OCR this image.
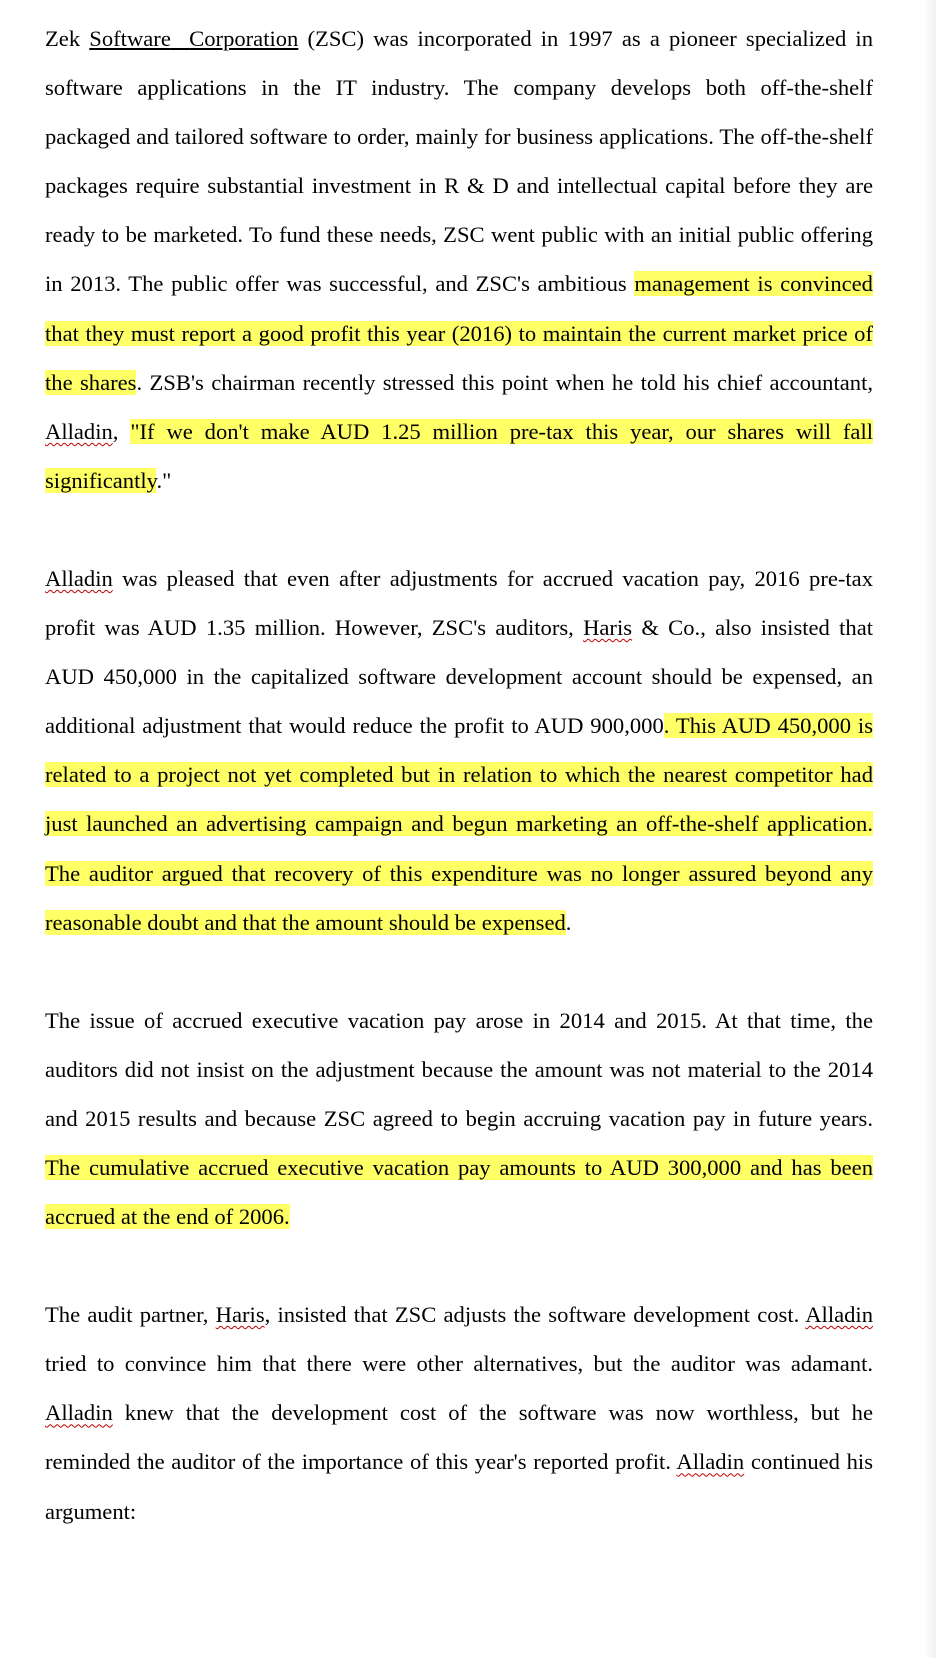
Zek Software Corporation (ZSC) was incorporated in 1997 as a pioneer specialized in software applications in the IT industry. The company develops both off-the-shelf packaged and tailored software to order, mainly for business applications. The off-the-shelf packages require substantial investment in R & D and intellectual capital before they are ready to be marketed. To fund these needs, ZSC went public with an initial public offering in 2013. The public offer was successful, and ZSC's ambitious management is convinced that they must report a good profit this year (2016) to maintain the current market price of the shares. ZSB's chairman recently stressed this point when he told his chief accountant, Alladin, "If we don't make AUD 1.25 million pre-tax this year, our shares will fall significantly."

Alladin was pleased that even after adjustments for accrued vacation pay, 2016 pre-tax profit was AUD 1.35 million. However, ZSC's auditors, Haris & Co., also insisted that AUD 450,000 in the capitalized software development account should be expensed, an additional adjustment that would reduce the profit to AUD 900,000. This AUD 450,000 is related to a project not yet completed but in relation to which the nearest competitor had just launched an advertising campaign and begun marketing an off-the-shelf application. The auditor argued that recovery of this expenditure was no longer assured beyond any reasonable doubt and that the amount should be expensed.

The issue of accrued executive vacation pay arose in 2014 and 2015. At that time, the auditors did not insist on the adjustment because the amount was not material to the 2014 and 2015 results and because ZSC agreed to begin accruing vacation pay in future years. The cumulative accrued executive vacation pay amounts to AUD 300,000 and has been accrued at the end of 2006.

The audit partner, Haris, insisted that ZSC adjusts the software development cost. Alladin tried to convince him that there were other alternatives, but the auditor was adamant. Alladin knew that the development cost of the software was now worthless, but he reminded the auditor of the importance of this year's reported profit. Alladin continued his argument:
